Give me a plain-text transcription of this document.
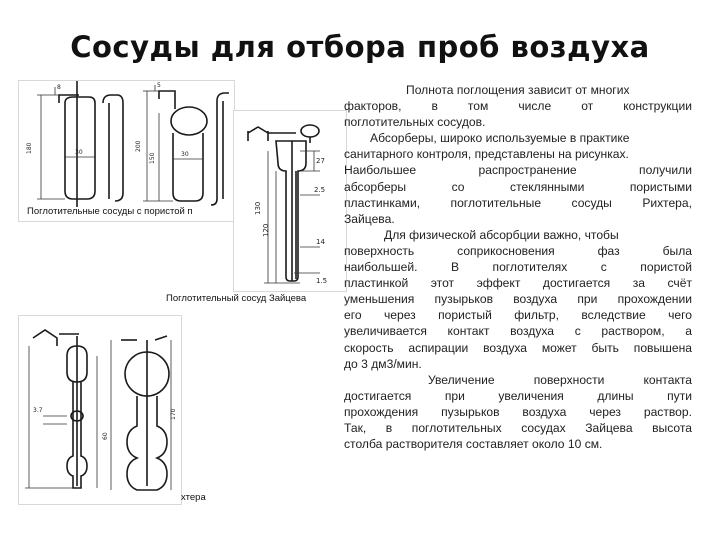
Сосуды для отбора проб воздуха
8
180	30
5
200
150	30
Поглотительные сосуды с пористой п
27
2.5
130
120
14
1.5
Поглотительный сосуд Зайцева
3.7
60
170
хтера

Полнота поглощения зависит от многих

факторов, в том числе от конструкции

поглотительных сосудов.

Абсорберы, широко используемые в практике

санитарного контроля, представлены на рисунках.

Наибольшее распространение получили

абсорберы со стеклянными пористыми

пластинками, поглотительные сосуды Рихтера,

Зайцева.

Для физической абсорбции важно, чтобы

поверхность соприкосновения фаз была

наибольшей. В поглотителях с пористой

пластинкой этот эффект достигается за счёт

уменьшения пузырьков воздуха при прохождении

его через пористый фильтр, вследствие чего

увеличивается контакт воздуха с раствором, а

скорость аспирации воздуха может быть повышена

до 3 дм3/мин.

Увеличение поверхности контакта

достигается при увеличения длины пути

прохождения пузырьков воздуха через раствор.

Так, в поглотительных сосудах Зайцева высота

столба растворителя составляет около 10 см.
